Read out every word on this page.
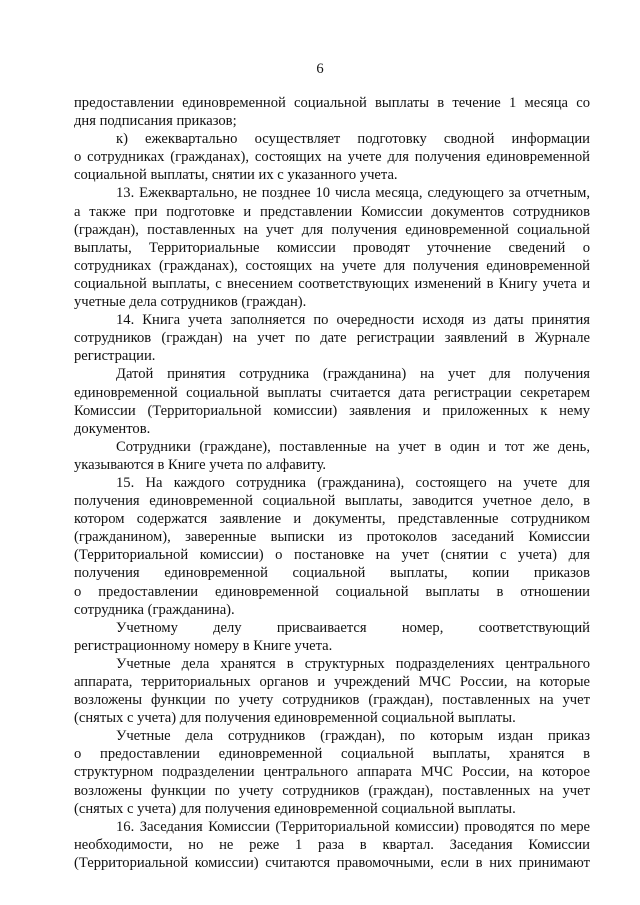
6
предоставлении единовременной социальной выплаты в течение 1 месяца со
дня подписания приказов;
к) ежеквартально осуществляет подготовку сводной информации
о сотрудниках (гражданах), состоящих на учете для получения единовременной
социальной выплаты, снятии их с указанного учета.
13. Ежеквартально, не позднее 10 числа месяца, следующего за отчетным,
а также при подготовке и представлении Комиссии документов сотрудников
(граждан), поставленных на учет для получения единовременной социальной
выплаты, Территориальные комиссии проводят уточнение сведений о
сотрудниках (гражданах), состоящих на учете для получения единовременной
социальной выплаты, с внесением соответствующих изменений в Книгу учета и
учетные дела сотрудников (граждан).
14. Книга учета заполняется по очередности исходя из даты принятия
сотрудников (граждан) на учет по дате регистрации заявлений в Журнале
регистрации.
Датой принятия сотрудника (гражданина) на учет для получения
единовременной социальной выплаты считается дата регистрации секретарем
Комиссии (Территориальной комиссии) заявления и приложенных к нему
документов.
Сотрудники (граждане), поставленные на учет в один и тот же день,
указываются в Книге учета по алфавиту.
15. На каждого сотрудника (гражданина), состоящего на учете для
получения единовременной социальной выплаты, заводится учетное дело, в
котором содержатся заявление и документы, представленные сотрудником
(гражданином), заверенные выписки из протоколов заседаний Комиссии
(Территориальной комиссии) о постановке на учет (снятии с учета) для
получения единовременной социальной выплаты, копии приказов
о предоставлении единовременной социальной выплаты в отношении
сотрудника (гражданина).
Учетному делу присваивается номер, соответствующий
регистрационному номеру в Книге учета.
Учетные дела хранятся в структурных подразделениях центрального
аппарата, территориальных органов и учреждений МЧС России, на которые
возложены функции по учету сотрудников (граждан), поставленных на учет
(снятых с учета) для получения единовременной социальной выплаты.
Учетные дела сотрудников (граждан), по которым издан приказ
о предоставлении единовременной социальной выплаты, хранятся в
структурном подразделении центрального аппарата МЧС России, на которое
возложены функции по учету сотрудников (граждан), поставленных на учет
(снятых с учета) для получения единовременной социальной выплаты.
16. Заседания Комиссии (Территориальной комиссии) проводятся по мере
необходимости, но не реже 1 раза в квартал. Заседания Комиссии
(Территориальной комиссии) считаются правомочными, если в них принимают
